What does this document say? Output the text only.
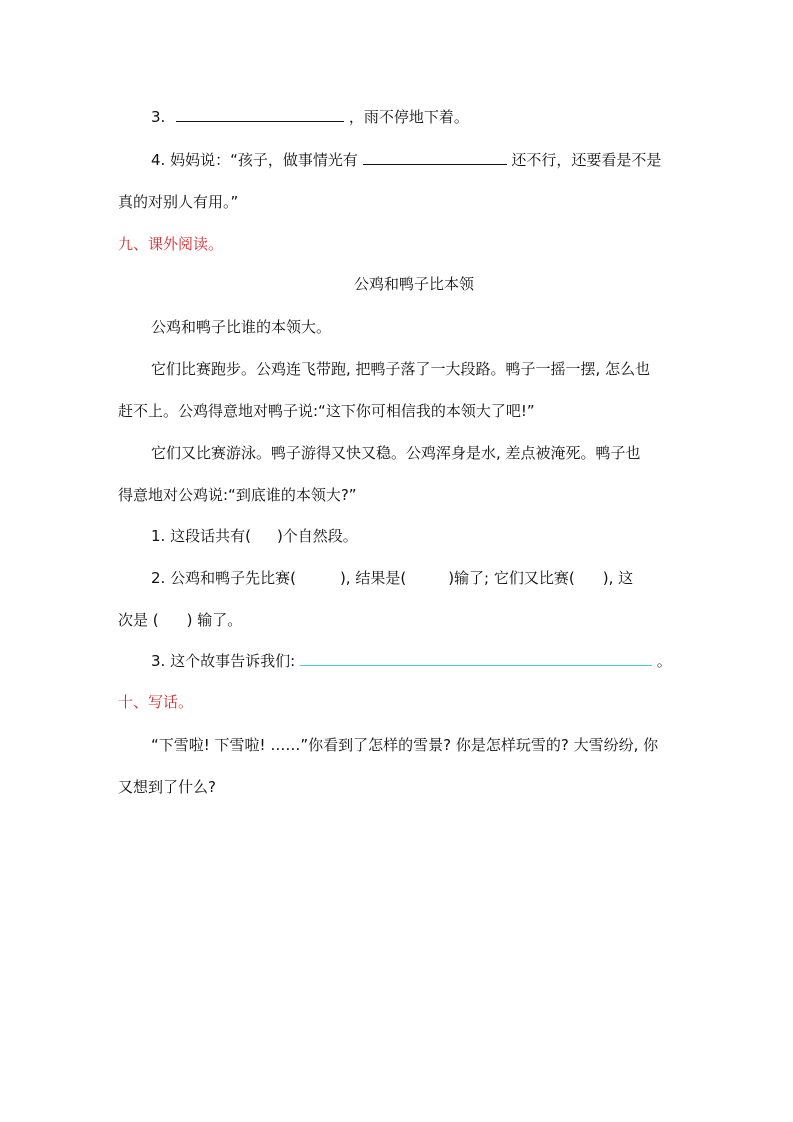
3.	，雨不停地下着。
4. 妈妈说：“孩子，做事情光有	还不行，还要看是不是
真的对别人有用。”
九、课外阅读。
公鸡和鸭子比本领
公鸡和鸭子比谁的本领大。
它们比赛跑步。公鸡连飞带跑, 把鸭子落了一大段路。鸭子一摇一摆, 怎么也
赶不上。公鸡得意地对鸭子说:“这下你可相信我的本领大了吧!”
它们又比赛游泳。鸭子游得又快又稳。公鸡浑身是水, 差点被淹死。鸭子也
得意地对公鸡说:“到底谁的本领大?”
1. 这段话共有( )个自然段。
2. 公鸡和鸭子先比赛(	), 结果是(	)输了; 它们又比赛( ), 这
次是 ( ) 输了。
3. 这个故事告诉我们:	。
十、写话。
“下雪啦! 下雪啦! ……”你看到了怎样的雪景? 你是怎样玩雪的? 大雪纷纷, 你
又想到了什么?
